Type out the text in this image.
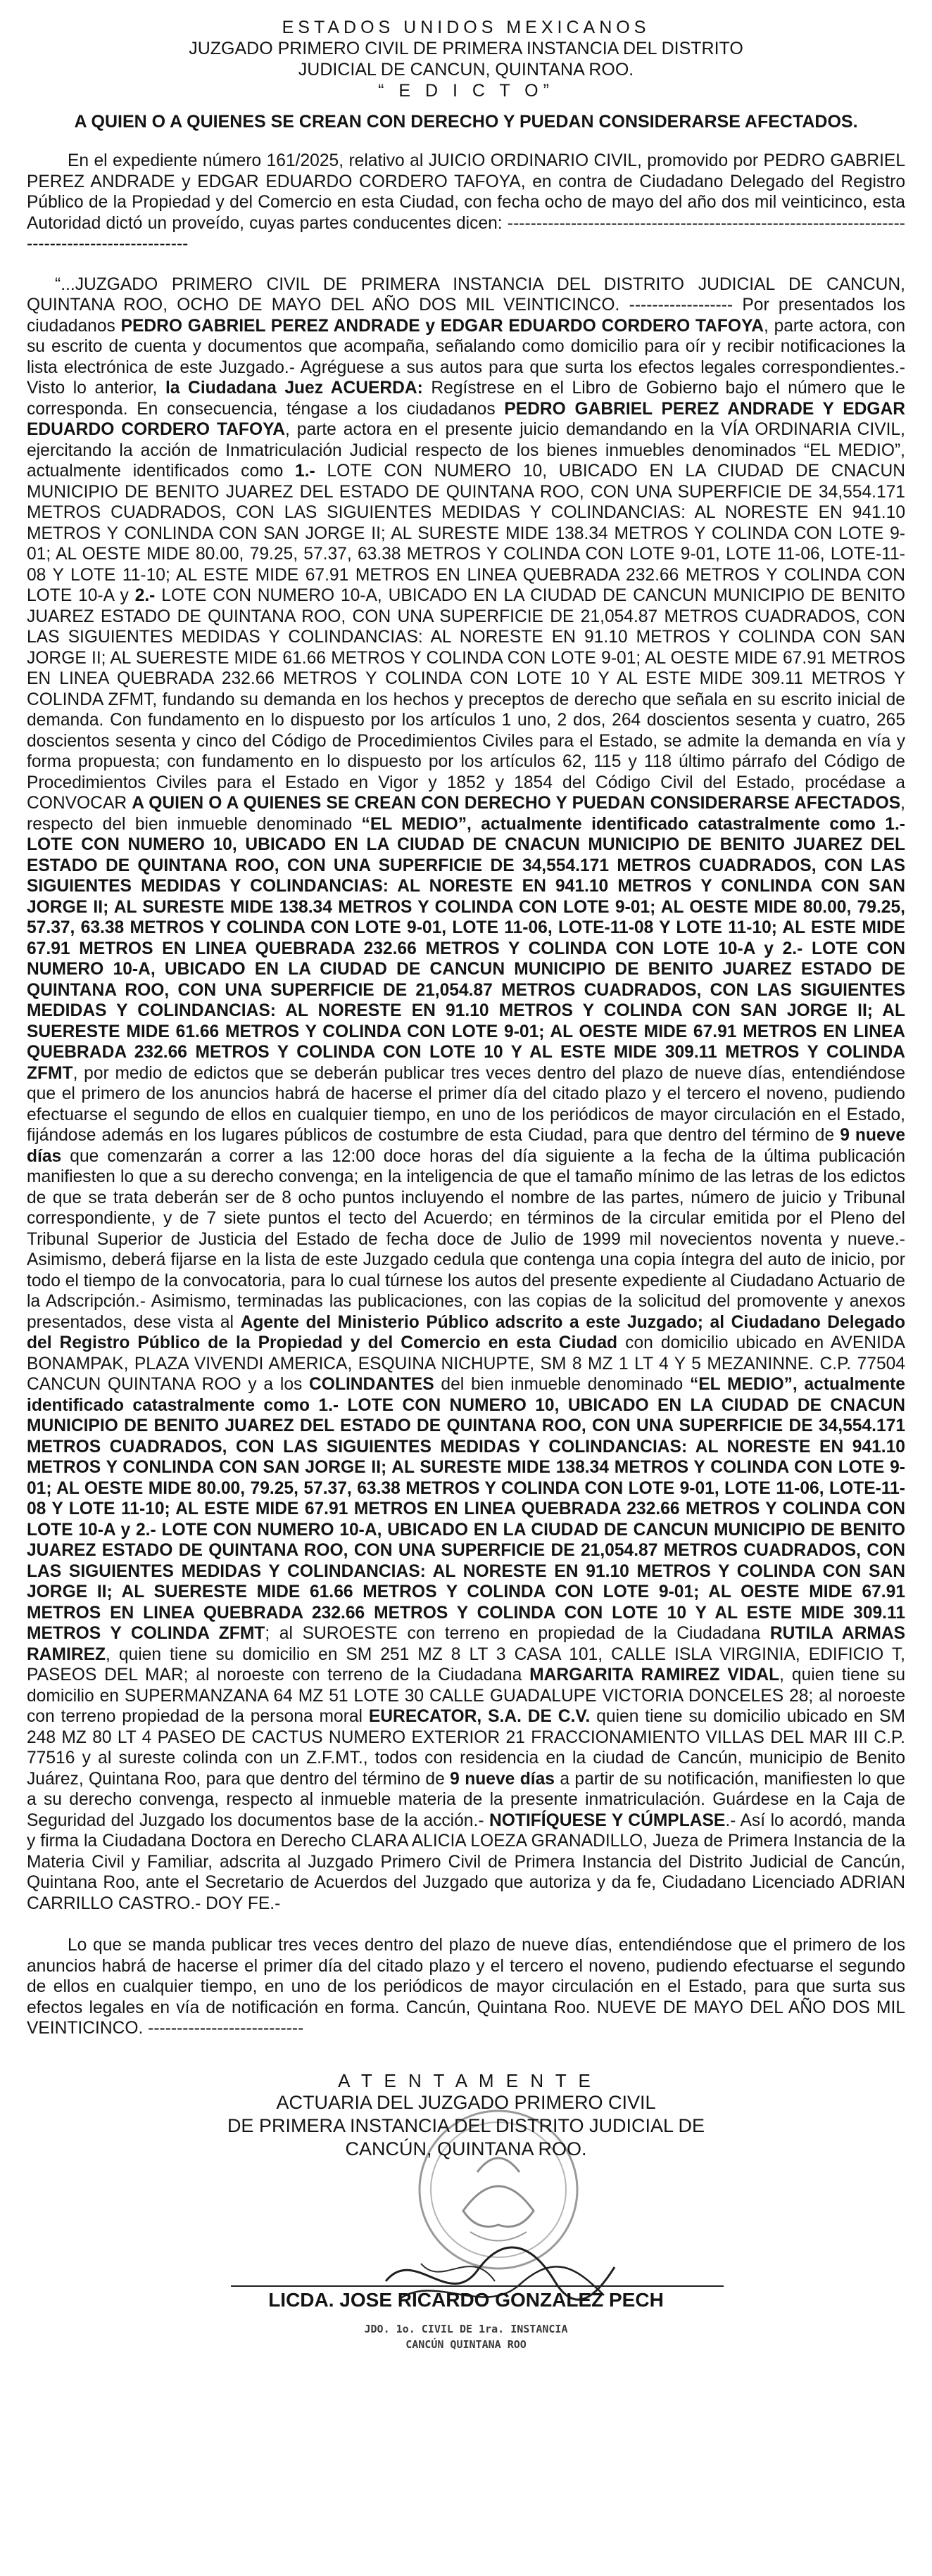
ESTADOS UNIDOS MEXICANOS
JUZGADO PRIMERO CIVIL DE PRIMERA INSTANCIA DEL DISTRITO
JUDICIAL DE CANCUN, QUINTANA ROO.
“ E D I C T O”
A QUIEN O A QUIENES SE CREAN CON DERECHO Y PUEDAN CONSIDERARSE AFECTADOS.

En el expediente número 161/2025, relativo al JUICIO ORDINARIO CIVIL, promovido por PEDRO GABRIEL PEREZ ANDRADE y EDGAR EDUARDO CORDERO TAFOYA, en contra de Ciudadano Delegado del Registro Público de la Propiedad y del Comercio en esta Ciudad, con fecha ocho de mayo del año dos mil veinticinco, esta Autoridad dictó un proveído, cuyas partes conducentes dicen: -------------------------------------------------------------------------------------------------

“...JUZGADO PRIMERO CIVIL DE PRIMERA INSTANCIA DEL DISTRITO JUDICIAL DE CANCUN, QUINTANA ROO, OCHO DE MAYO DEL AÑO DOS MIL VEINTICINCO. ------------------ Por presentados los ciudadanos PEDRO GABRIEL PEREZ ANDRADE y EDGAR EDUARDO CORDERO TAFOYA, parte actora, con su escrito de cuenta y documentos que acompaña, señalando como domicilio para oír y recibir notificaciones la lista electrónica de este Juzgado.- Agréguese a sus autos para que surta los efectos legales correspondientes.- Visto lo anterior, la Ciudadana Juez ACUERDA: Regístrese en el Libro de Gobierno bajo el número que le corresponda. En consecuencia, téngase a los ciudadanos PEDRO GABRIEL PEREZ ANDRADE Y EDGAR EDUARDO CORDERO TAFOYA, parte actora en el presente juicio demandando en la VÍA ORDINARIA CIVIL, ejercitando la acción de Inmatriculación Judicial respecto de los bienes inmuebles denominados “EL MEDIO”, actualmente identificados como 1.- LOTE CON NUMERO 10, UBICADO EN LA CIUDAD DE CNACUN MUNICIPIO DE BENITO JUAREZ DEL ESTADO DE QUINTANA ROO, CON UNA SUPERFICIE DE 34,554.171 METROS CUADRADOS, CON LAS SIGUIENTES MEDIDAS Y COLINDANCIAS: AL NORESTE EN 941.10 METROS Y CONLINDA CON SAN JORGE II; AL SURESTE MIDE 138.34 METROS Y COLINDA CON LOTE 9-01; AL OESTE MIDE 80.00, 79.25, 57.37, 63.38 METROS Y COLINDA CON LOTE 9-01, LOTE 11-06, LOTE-11-08 Y LOTE 11-10; AL ESTE MIDE 67.91 METROS EN LINEA QUEBRADA 232.66 METROS Y COLINDA CON LOTE 10-A y 2.- LOTE CON NUMERO 10-A, UBICADO EN LA CIUDAD DE CANCUN MUNICIPIO DE BENITO JUAREZ ESTADO DE QUINTANA ROO, CON UNA SUPERFICIE DE 21,054.87 METROS CUADRADOS, CON LAS SIGUIENTES MEDIDAS Y COLINDANCIAS: AL NORESTE EN 91.10 METROS Y COLINDA CON SAN JORGE II; AL SUERESTE MIDE 61.66 METROS Y COLINDA CON LOTE 9-01; AL OESTE MIDE 67.91 METROS EN LINEA QUEBRADA 232.66 METROS Y COLINDA CON LOTE 10 Y AL ESTE MIDE 309.11 METROS Y COLINDA ZFMT, fundando su demanda en los hechos y preceptos de derecho que señala en su escrito inicial de demanda. Con fundamento en lo dispuesto por los artículos 1 uno, 2 dos, 264 doscientos sesenta y cuatro, 265 doscientos sesenta y cinco del Código de Procedimientos Civiles para el Estado, se admite la demanda en vía y forma propuesta; con fundamento en lo dispuesto por los artículos 62, 115 y 118 último párrafo del Código de Procedimientos Civiles para el Estado en Vigor y 1852 y 1854 del Código Civil del Estado, procédase a CONVOCAR A QUIEN O A QUIENES SE CREAN CON DERECHO Y PUEDAN CONSIDERARSE AFECTADOS, respecto del bien inmueble denominado “EL MEDIO”, actualmente identificado catastralmente como 1.- LOTE CON NUMERO 10, UBICADO EN LA CIUDAD DE CNACUN MUNICIPIO DE BENITO JUAREZ DEL ESTADO DE QUINTANA ROO, CON UNA SUPERFICIE DE 34,554.171 METROS CUADRADOS, CON LAS SIGUIENTES MEDIDAS Y COLINDANCIAS: AL NORESTE EN 941.10 METROS Y CONLINDA CON SAN JORGE II; AL SURESTE MIDE 138.34 METROS Y COLINDA CON LOTE 9-01; AL OESTE MIDE 80.00, 79.25, 57.37, 63.38 METROS Y COLINDA CON LOTE 9-01, LOTE 11-06, LOTE-11-08 Y LOTE 11-10; AL ESTE MIDE 67.91 METROS EN LINEA QUEBRADA 232.66 METROS Y COLINDA CON LOTE 10-A y 2.- LOTE CON NUMERO 10-A, UBICADO EN LA CIUDAD DE CANCUN MUNICIPIO DE BENITO JUAREZ ESTADO DE QUINTANA ROO, CON UNA SUPERFICIE DE 21,054.87 METROS CUADRADOS, CON LAS SIGUIENTES MEDIDAS Y COLINDANCIAS: AL NORESTE EN 91.10 METROS Y COLINDA CON SAN JORGE II; AL SUERESTE MIDE 61.66 METROS Y COLINDA CON LOTE 9-01; AL OESTE MIDE 67.91 METROS EN LINEA QUEBRADA 232.66 METROS Y COLINDA CON LOTE 10 Y AL ESTE MIDE 309.11 METROS Y COLINDA ZFMT, por medio de edictos que se deberán publicar tres veces dentro del plazo de nueve días, entendiéndose que el primero de los anuncios habrá de hacerse el primer día del citado plazo y el tercero el noveno, pudiendo efectuarse el segundo de ellos en cualquier tiempo, en uno de los periódicos de mayor circulación en el Estado, fijándose además en los lugares públicos de costumbre de esta Ciudad, para que dentro del término de 9 nueve días que comenzarán a correr a las 12:00 doce horas del día siguiente a la fecha de la última publicación manifiesten lo que a su derecho convenga; en la inteligencia de que el tamaño mínimo de las letras de los edictos de que se trata deberán ser de 8 ocho puntos incluyendo el nombre de las partes, número de juicio y Tribunal correspondiente, y de 7 siete puntos el tecto del Acuerdo; en términos de la circular emitida por el Pleno del Tribunal Superior de Justicia del Estado de fecha doce de Julio de 1999 mil novecientos noventa y nueve.- Asimismo, deberá fijarse en la lista de este Juzgado cedula que contenga una copia íntegra del auto de inicio, por todo el tiempo de la convocatoria, para lo cual túrnese los autos del presente expediente al Ciudadano Actuario de la Adscripción.- Asimismo, terminadas las publicaciones, con las copias de la solicitud del promovente y anexos presentados, dese vista al Agente del Ministerio Público adscrito a este Juzgado; al Ciudadano Delegado del Registro Público de la Propiedad y del Comercio en esta Ciudad con domicilio ubicado en AVENIDA BONAMPAK, PLAZA VIVENDI AMERICA, ESQUINA NICHUPTE, SM 8 MZ 1 LT 4 Y 5 MEZANINNE. C.P. 77504 CANCUN QUINTANA ROO y a los COLINDANTES del bien inmueble denominado “EL MEDIO”, actualmente identificado catastralmente como 1.- LOTE CON NUMERO 10, UBICADO EN LA CIUDAD DE CNACUN MUNICIPIO DE BENITO JUAREZ DEL ESTADO DE QUINTANA ROO, CON UNA SUPERFICIE DE 34,554.171 METROS CUADRADOS, CON LAS SIGUIENTES MEDIDAS Y COLINDANCIAS: AL NORESTE EN 941.10 METROS Y CONLINDA CON SAN JORGE II; AL SURESTE MIDE 138.34 METROS Y COLINDA CON LOTE 9-01; AL OESTE MIDE 80.00, 79.25, 57.37, 63.38 METROS Y COLINDA CON LOTE 9-01, LOTE 11-06, LOTE-11-08 Y LOTE 11-10; AL ESTE MIDE 67.91 METROS EN LINEA QUEBRADA 232.66 METROS Y COLINDA CON LOTE 10-A y 2.- LOTE CON NUMERO 10-A, UBICADO EN LA CIUDAD DE CANCUN MUNICIPIO DE BENITO JUAREZ ESTADO DE QUINTANA ROO, CON UNA SUPERFICIE DE 21,054.87 METROS CUADRADOS, CON LAS SIGUIENTES MEDIDAS Y COLINDANCIAS: AL NORESTE EN 91.10 METROS Y COLINDA CON SAN JORGE II; AL SUERESTE MIDE 61.66 METROS Y COLINDA CON LOTE 9-01; AL OESTE MIDE 67.91 METROS EN LINEA QUEBRADA 232.66 METROS Y COLINDA CON LOTE 10 Y AL ESTE MIDE 309.11 METROS Y COLINDA ZFMT; al SUROESTE con terreno en propiedad de la Ciudadana RUTILA ARMAS RAMIREZ, quien tiene su domicilio en SM 251 MZ 8 LT 3 CASA 101, CALLE ISLA VIRGINIA, EDIFICIO T, PASEOS DEL MAR; al noroeste con terreno de la Ciudadana MARGARITA RAMIREZ VIDAL, quien tiene su domicilio en SUPERMANZANA 64 MZ 51 LOTE 30 CALLE GUADALUPE VICTORIA DONCELES 28; al noroeste con terreno propiedad de la persona moral EURECATOR, S.A. DE C.V. quien tiene su domicilio ubicado en SM 248 MZ 80 LT 4 PASEO DE CACTUS NUMERO EXTERIOR 21 FRACCIONAMIENTO VILLAS DEL MAR III C.P. 77516 y al sureste colinda con un Z.F.MT., todos con residencia en la ciudad de Cancún, municipio de Benito Juárez, Quintana Roo, para que dentro del término de 9 nueve días a partir de su notificación, manifiesten lo que a su derecho convenga, respecto al inmueble materia de la presente inmatriculación. Guárdese en la Caja de Seguridad del Juzgado los documentos base de la acción.- NOTIFÍQUESE Y CÚMPLASE.- Así lo acordó, manda y firma la Ciudadana Doctora en Derecho CLARA ALICIA LOEZA GRANADILLO, Jueza de Primera Instancia de la Materia Civil y Familiar, adscrita al Juzgado Primero Civil de Primera Instancia del Distrito Judicial de Cancún, Quintana Roo, ante el Secretario de Acuerdos del Juzgado que autoriza y da fe, Ciudadano Licenciado ADRIAN CARRILLO CASTRO.- DOY FE.-

Lo que se manda publicar tres veces dentro del plazo de nueve días, entendiéndose que el primero de los anuncios habrá de hacerse el primer día del citado plazo y el tercero el noveno, pudiendo efectuarse el segundo de ellos en cualquier tiempo, en uno de los periódicos de mayor circulación en el Estado, para que surta sus efectos legales en vía de notificación en forma. Cancún, Quintana Roo. NUEVE DE MAYO DEL AÑO DOS MIL VEINTICINCO. ---------------------------

A T E N T A M E N T E
ACTUARIA DEL JUZGADO PRIMERO CIVIL
DE PRIMERA INSTANCIA DEL DISTRITO JUDICIAL DE
CANCÚN, QUINTANA ROO.
LICDA. JOSE RICARDO GONZALEZ PECH
JDO. 1o. CIVIL DE 1ra. INSTANCIA
CANCÚN QUINTANA ROO
